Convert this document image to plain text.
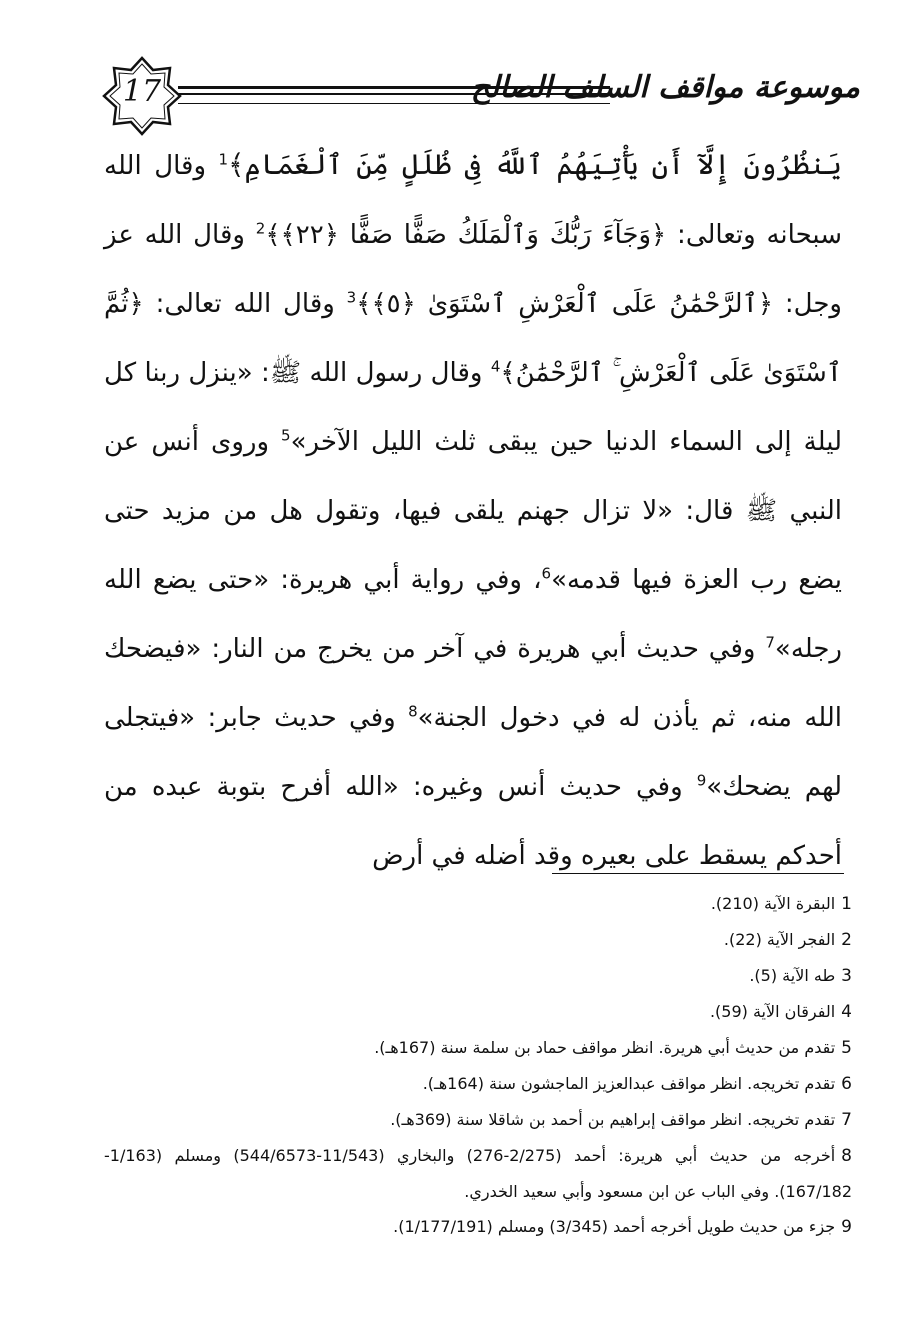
17	موسوعة مواقف السلف الصالح
يَنظُرُونَ إِلَّآ أَن يَأْتِيَهُمُ ٱللَّهُ فِى ظُلَلٍ مِّنَ ٱلْغَمَامِ﴾$^1$ وقال الله سبحانه وتعالى: ﴿وَجَآءَ رَبُّكَ وَٱلْمَلَكُ صَفًّا صَفًّا ﴿٢٢﴾﴾$^2$ وقال الله عز وجل: ﴿ٱلرَّحْمَٰنُ عَلَى ٱلْعَرْشِ ٱسْتَوَىٰ ﴿٥﴾﴾$^3$ وقال الله تعالى: ﴿ثُمَّ ٱسْتَوَىٰ عَلَى ٱلْعَرْشِ ۚ ٱلرَّحْمَٰنُ﴾$^4$ وقال رسول الله ﷺ: «ينزل ربنا كل ليلة إلى السماء الدنيا حين يبقى ثلث الليل الآخر»$^5$ وروى أنس عن النبي ﷺ قال: «لا تزال جهنم يلقى فيها، وتقول هل من مزيد حتى يضع رب العزة فيها قدمه»$^6$، وفي رواية أبي هريرة: «حتى يضع الله رجله»$^7$ وفي حديث أبي هريرة في آخر من يخرج من النار: «فيضحك الله منه، ثم يأذن له في دخول الجنة»$^8$ وفي حديث جابر: «فيتجلى لهم يضحك»$^9$ وفي حديث أنس وغيره: «الله أفرح بتوبة عبده من أحدكم يسقط على بعيره وقد أضله في أرض
1البقرة الآية (210).
2الفجر الآية (22).
3طه الآية (5).
4الفرقان الآية (59).
5تقدم من حديث أبي هريرة. انظر مواقف حماد بن سلمة سنة (167هـ).
6تقدم تخريجه. انظر مواقف عبدالعزيز الماجشون سنة (164هـ).
7تقدم تخريجه. انظر مواقف إبراهيم بن أحمد بن شاقلا سنة (369هـ).
8أخرجه من حديث أبي هريرة: أحمد (2/275-276) والبخاري (11/543-544/6573) ومسلم (1/163-167/182). وفي الباب عن ابن مسعود وأبي سعيد الخدري.
9جزء من حديث طويل أخرجه أحمد (3/345) ومسلم (1/177/191).
